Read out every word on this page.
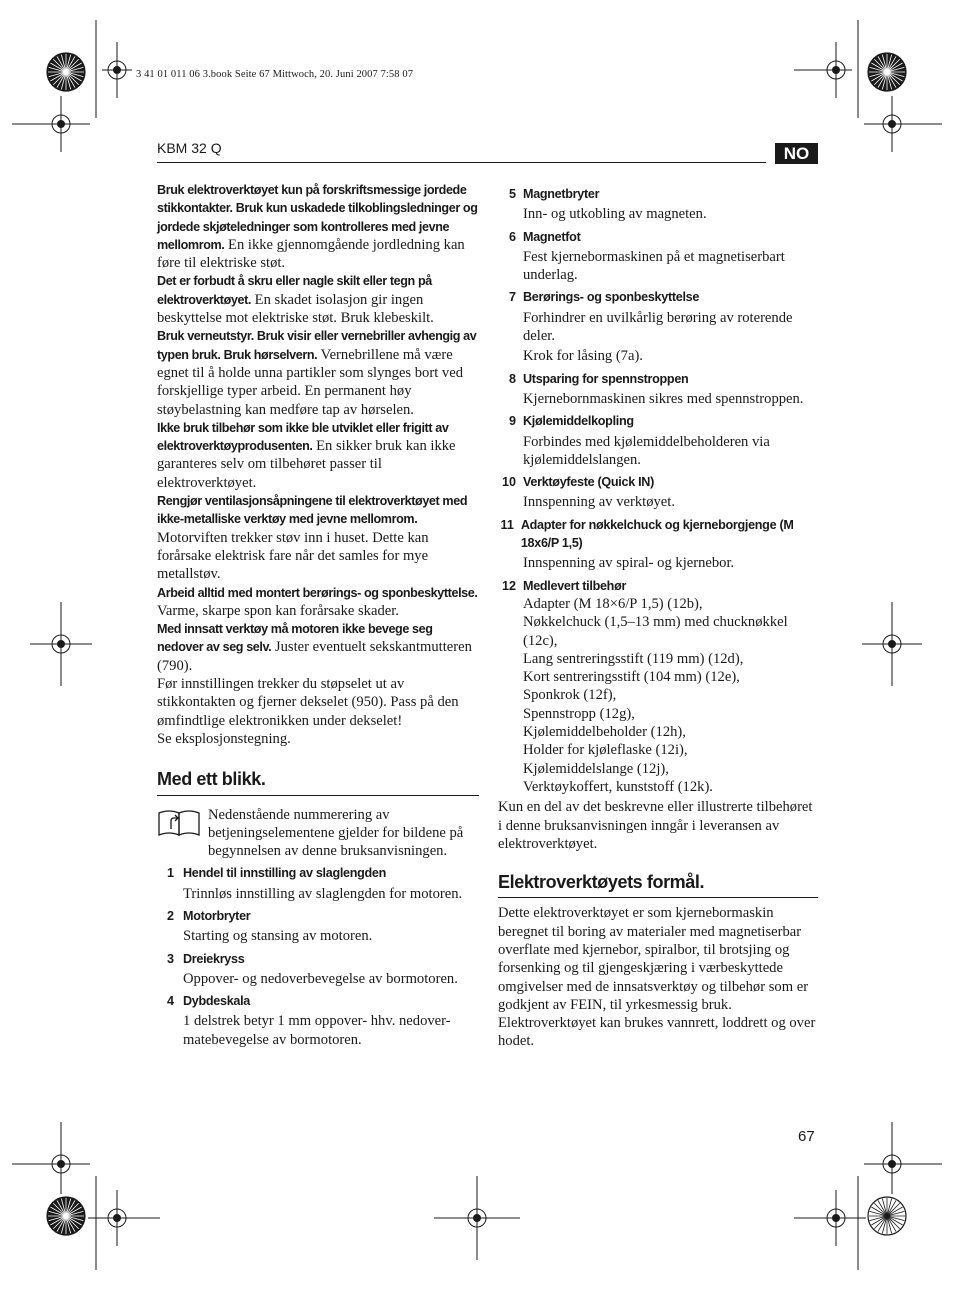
3 41 01 011 06 3.book Seite 67 Mittwoch, 20. Juni 2007 7:58 07
KBM 32 Q	NO

Bruk elektroverktøyet kun på forskriftsmessige jordede stikkontakter. Bruk kun uskadede tilkoblingsledninger og jordede skjøteledninger som kontrolleres med jevne mellomrom. En ikke gjennomgående jordledning kan føre til elektriske støt.

Det er forbudt å skru eller nagle skilt eller tegn på elektroverktøyet. En skadet isolasjon gir ingen beskyttelse mot elektriske støt. Bruk klebeskilt.

Bruk verneutstyr. Bruk visir eller vernebriller avhengig av typen bruk. Bruk hørselvern. Vernebrillene må være egnet til å holde unna partikler som slynges bort ved forskjellige typer arbeid. En permanent høy støybelastning kan medføre tap av hørselen.

Ikke bruk tilbehør som ikke ble utviklet eller frigitt av elektroverktøyprodusenten. En sikker bruk kan ikke garanteres selv om tilbehøret passer til elektroverktøyet.

Rengjør ventilasjonsåpningene til elektroverktøyet med ikke-metalliske verktøy med jevne mellomrom. Motorviften trekker støv inn i huset. Dette kan forårsake elektrisk fare når det samles for mye metallstøv.

Arbeid alltid med montert berørings- og sponbeskyttelse. Varme, skarpe spon kan forårsake skader.

Med innsatt verktøy må motoren ikke bevege seg nedover av seg selv. Juster eventuelt sekskantmutteren (790).

Før innstillingen trekker du støpselet ut av stikkontakten og fjerner dekselet (950). Pass på den ømfindtlige elektronikken under dekselet!

Se eksplosjonstegning.

Med ett blikk.
Nedenstående nummerering av betjeningselementene gjelder for bildene på begynnelsen av denne bruksanvisningen.
1 Hendel til innstilling av slaglengden
Trinnløs innstilling av slaglengden for motoren.
2 Motorbryter
Starting og stansing av motoren.
3 Dreiekryss
Oppover- og nedoverbevegelse av bormotoren.
4 Dybdeskala
1 delstrek betyr 1 mm oppover- hhv. nedover-matebevegelse av bormotoren.
5 Magnetbryter
Inn- og utkobling av magneten.
6 Magnetfot
Fest kjernebormaskinen på et magnetiserbart underlag.
7 Berørings- og sponbeskyttelse
Forhindrer en uvilkårlig berøring av roterende deler.
Krok for låsing (7a).
8 Utsparing for spennstroppen
Kjernebornmaskinen sikres med spennstroppen.
9 Kjølemiddelkopling
Forbindes med kjølemiddelbeholderen via kjølemiddelslangen.
10 Verktøyfeste (Quick IN)
Innspenning av verktøyet.
11 Adapter for nøkkelchuck og kjerneborgjenge (M 18x6/P 1,5)
Innspenning av spiral- og kjernebor.
12 Medlevert tilbehør
Adapter (M 18×6/P 1,5) (12b),
Nøkkelchuck (1,5–13 mm) med chucknøkkel (12c),
Lang sentreringsstift (119 mm) (12d),
Kort sentreringsstift (104 mm) (12e),
Sponkrok (12f),
Spennstropp (12g),
Kjølemiddelbeholder (12h),
Holder for kjøleflaske (12i),
Kjølemiddelslange (12j),
Verktøykoffert, kunststoff (12k).

Kun en del av det beskrevne eller illustrerte tilbehøret i denne bruksanvisningen inngår i leveransen av elektroverktøyet.

Elektroverktøyets formål.

Dette elektroverktøyet er som kjernebormaskin beregnet til boring av materialer med magnetiserbar overflate med kjernebor, spiralbor, til brotsjing og forsenking og til gjengeskjæring i værbeskyttede omgivelser med de innsatsverktøy og tilbehør som er godkjent av FEIN, til yrkesmessig bruk.

Elektroverktøyet kan brukes vannrett, loddrett og over hodet.

67
